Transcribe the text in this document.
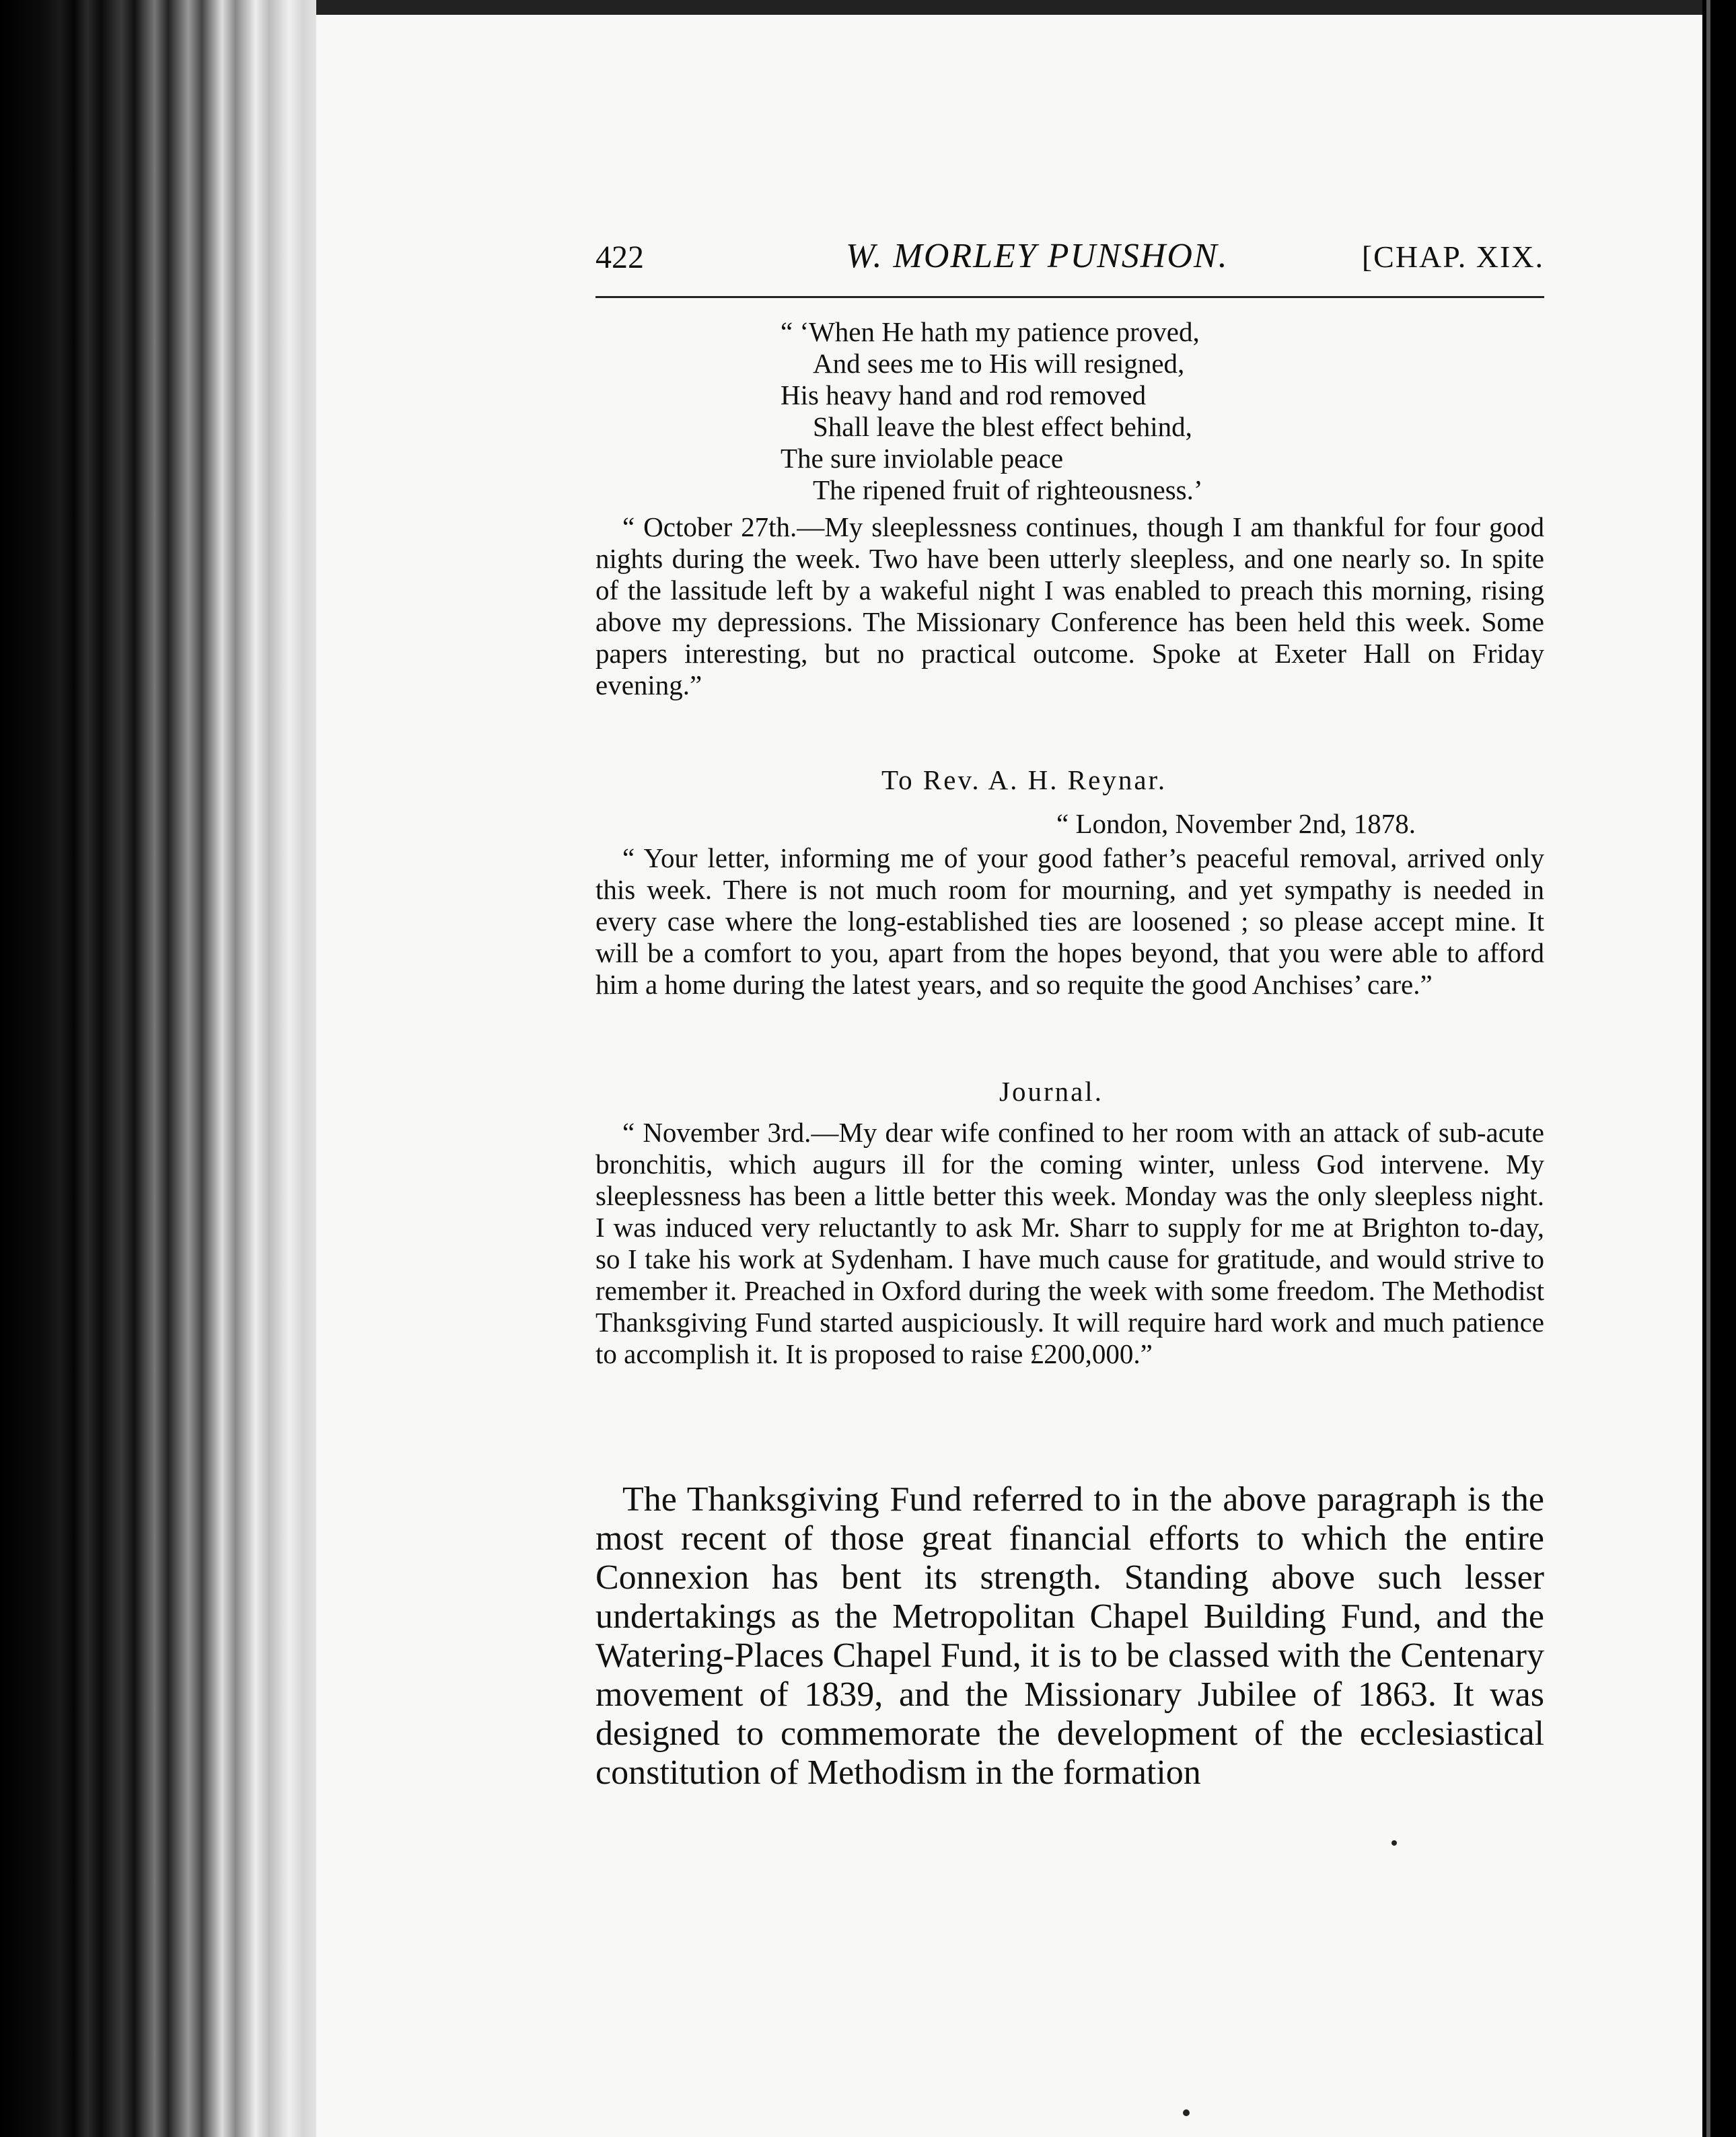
422	W. MORLEY PUNSHON.	[CHAP. XIX.
“ ‘When He hath my patience proved,
And sees me to His will resigned,
His heavy hand and rod removed
Shall leave the blest effect behind,
The sure inviolable peace
The ripened fruit of righteousness.’

“ October 27th.—My sleeplessness continues, though I am thankful for four good nights during the week. Two have been utterly sleepless, and one nearly so. In spite of the lassitude left by a wakeful night I was enabled to preach this morning, rising above my depressions. The Missionary Conference has been held this week. Some papers interesting, but no practical outcome. Spoke at Exeter Hall on Friday evening.”

To Rev. A. H. Reynar.
“ London, November 2nd, 1878.

“ Your letter, informing me of your good father’s peaceful removal, arrived only this week. There is not much room for mourning, and yet sympathy is needed in every case where the long-established ties are loosened ; so please accept mine. It will be a comfort to you, apart from the hopes beyond, that you were able to afford him a home during the latest years, and so requite the good Anchises’ care.”

Journal.

“ November 3rd.—My dear wife confined to her room with an attack of sub-acute bronchitis, which augurs ill for the coming winter, unless God intervene. My sleeplessness has been a little better this week. Monday was the only sleepless night. I was induced very reluctantly to ask Mr. Sharr to supply for me at Brighton to-day, so I take his work at Sydenham. I have much cause for gratitude, and would strive to remember it. Preached in Oxford during the week with some freedom. The Methodist Thanksgiving Fund started auspiciously. It will require hard work and much patience to accomplish it. It is proposed to raise £200,000.”

The Thanksgiving Fund referred to in the above paragraph is the most recent of those great financial efforts to which the entire Connexion has bent its strength. Standing above such lesser undertakings as the Metropolitan Chapel Building Fund, and the Watering-Places Chapel Fund, it is to be classed with the Centenary movement of 1839, and the Missionary Jubilee of 1863. It was designed to commemorate the development of the ecclesiastical constitution of Methodism in the formation
